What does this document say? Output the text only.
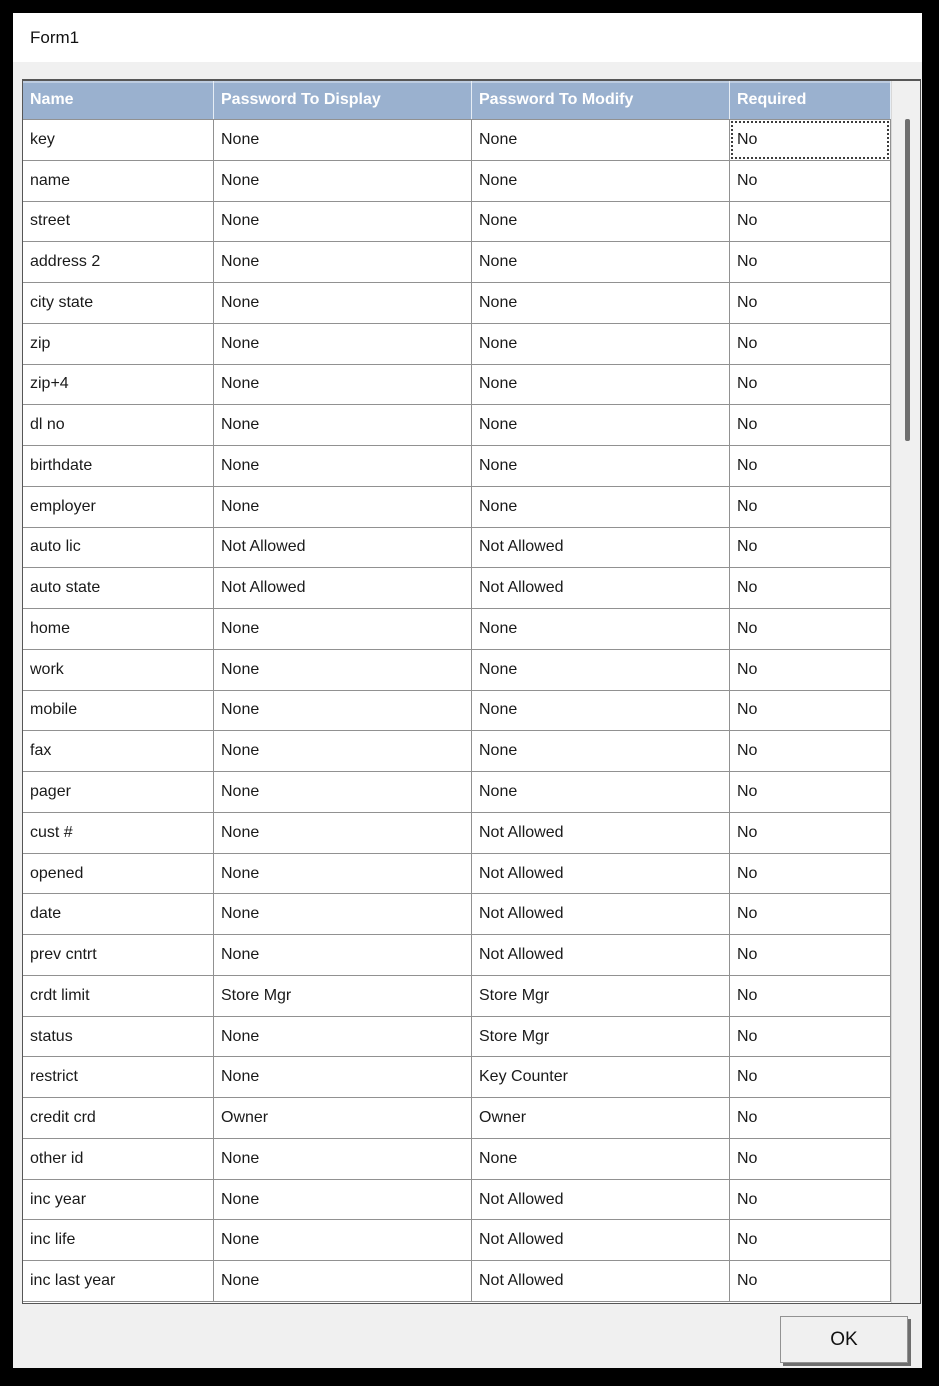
Form1
Name	Password To Display	Password To Modify	Required
key	None	None	No
name	None	None	No
street	None	None	No
address 2	None	None	No
city state	None	None	No
zip	None	None	No
zip+4	None	None	No
dl no	None	None	No
birthdate	None	None	No
employer	None	None	No
auto lic	Not Allowed	Not Allowed	No
auto state	Not Allowed	Not Allowed	No
home	None	None	No
work	None	None	No
mobile	None	None	No
fax	None	None	No
pager	None	None	No
cust #	None	Not Allowed	No
opened	None	Not Allowed	No
date	None	Not Allowed	No
prev cntrt	None	Not Allowed	No
crdt limit	Store Mgr	Store Mgr	No
status	None	Store Mgr	No
restrict	None	Key Counter	No
credit crd	Owner	Owner	No
other id	None	None	No
inc year	None	Not Allowed	No
inc life	None	Not Allowed	No
inc last year	None	Not Allowed	No
OK
